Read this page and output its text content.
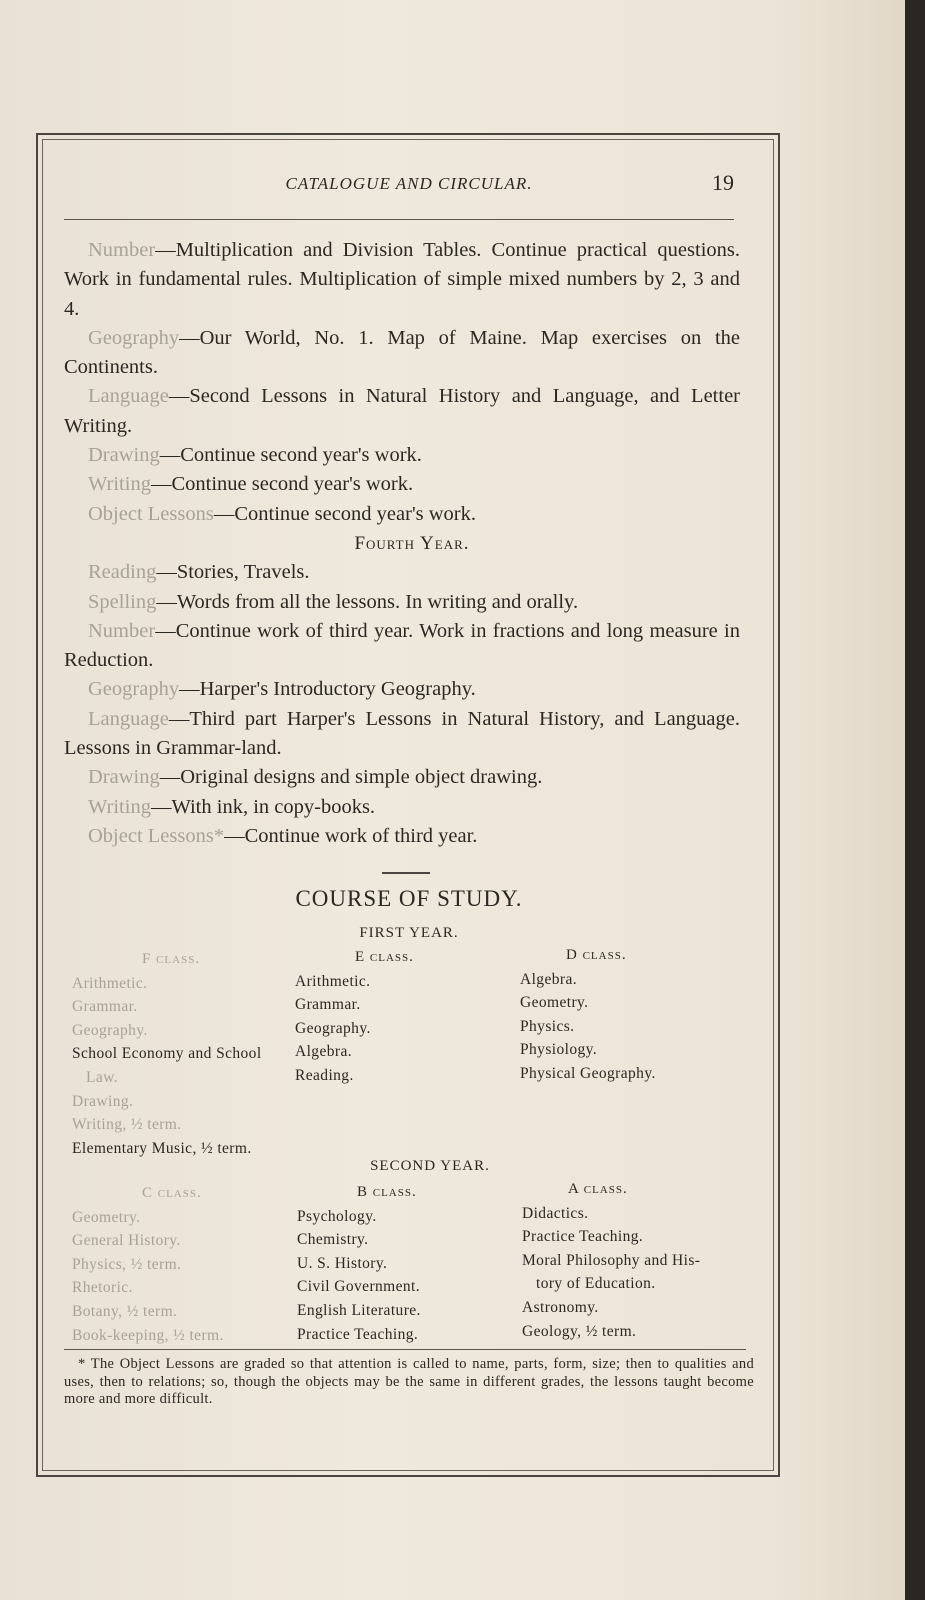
CATALOGUE AND CIRCULAR.	19

Number—Multiplication and Division Tables. Continue practical questions. Work in fundamental rules. Multiplication of simple mixed numbers by 2, 3 and 4.

Geography—Our World, No. 1. Map of Maine. Map exercises on the Continents.

Language—Second Lessons in Natural History and Language, and Letter Writing.

Drawing—Continue second year's work.

Writing—Continue second year's work.

Object Lessons—Continue second year's work.

Fourth Year.

Reading—Stories, Travels.

Spelling—Words from all the lessons. In writing and orally.

Number—Continue work of third year. Work in fractions and long measure in Reduction.

Geography—Harper's Introductory Geography.

Language—Third part Harper's Lessons in Natural History, and Language. Lessons in Grammar-land.

Drawing—Original designs and simple object drawing.

Writing—With ink, in copy-books.

Object Lessons*—Continue work of third year.

COURSE OF STUDY.
FIRST YEAR.
F class.
Arithmetic.
Grammar.
Geography.
School Economy and School
Law.
Drawing.
Writing, ½ term.
Elementary Music, ½ term.
E class.
Arithmetic.
Grammar.
Geography.
Algebra.
Reading.
D class.
Algebra.
Geometry.
Physics.
Physiology.
Physical Geography.
SECOND YEAR.
C class.
Geometry.
General History.
Physics, ½ term.
Rhetoric.
Botany, ½ term.
Book-keeping, ½ term.
B class.
Psychology.
Chemistry.
U. S. History.
Civil Government.
English Literature.
Practice Teaching.
A class.
Didactics.
Practice Teaching.
Moral Philosophy and His-
tory of Education.
Astronomy.
Geology, ½ term.

* The Object Lessons are graded so that attention is called to name, parts, form, size; then to qualities and uses, then to relations; so, though the objects may be the same in different grades, the lessons taught become more and more difficult.
